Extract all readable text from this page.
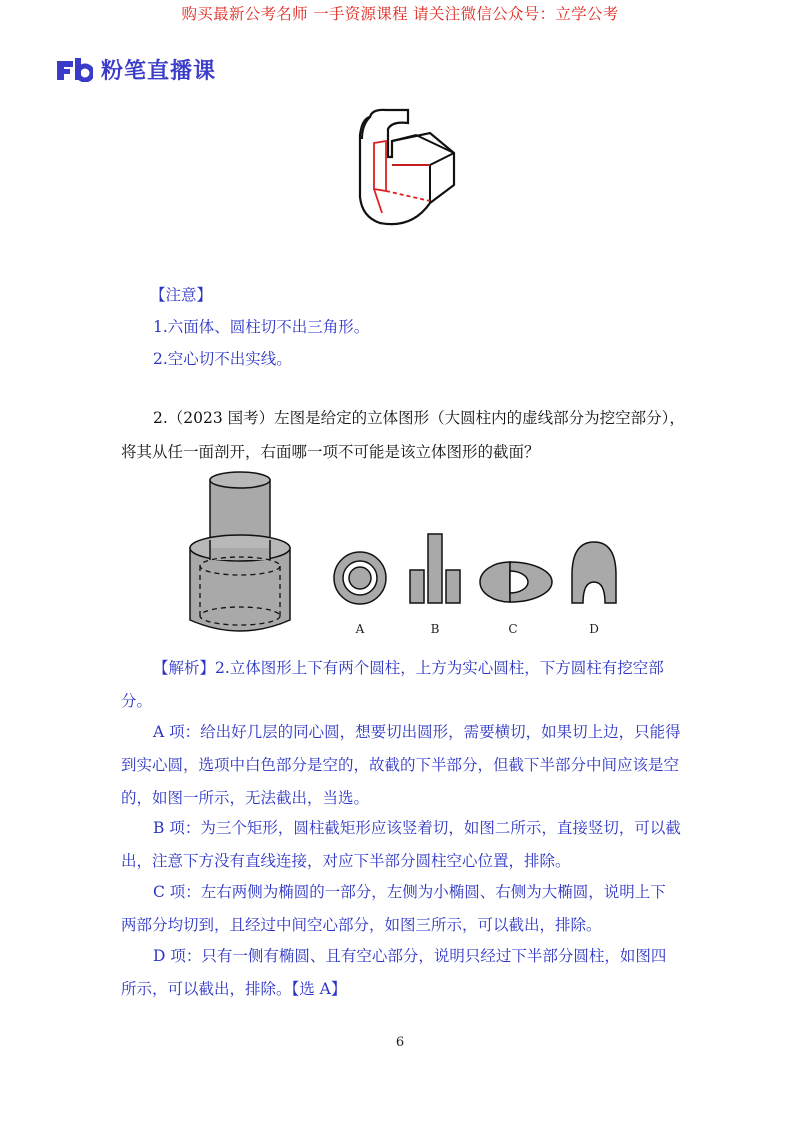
购买最新公考名师 一手资源课程 请关注微信公众号：立学公考
粉笔直播课
【注意】
1.六面体、圆柱切不出三角形。
2.空心切不出实线。
2.（2023 国考）左图是给定的立体图形（大圆柱内的虚线部分为挖空部分），
将其从任一面剖开，右面哪一项不可能是该立体图形的截面？
A	B	C	D
【解析】2.立体图形上下有两个圆柱，上方为实心圆柱，下方圆柱有挖空部分。
A 项：给出好几层的同心圆，想要切出圆形，需要横切，如果切上边，只能得到实心圆，选项中白色部分是空的，故截的下半部分，但截下半部分中间应该是空的，如图一所示，无法截出，当选。
B 项：为三个矩形，圆柱截矩形应该竖着切，如图二所示，直接竖切，可以截出，注意下方没有直线连接，对应下半部分圆柱空心位置，排除。
C 项：左右两侧为椭圆的一部分，左侧为小椭圆、右侧为大椭圆，说明上下两部分均切到，且经过中间空心部分，如图三所示，可以截出，排除。
D 项：只有一侧有椭圆、且有空心部分，说明只经过下半部分圆柱，如图四所示，可以截出，排除。【选 A】
6
